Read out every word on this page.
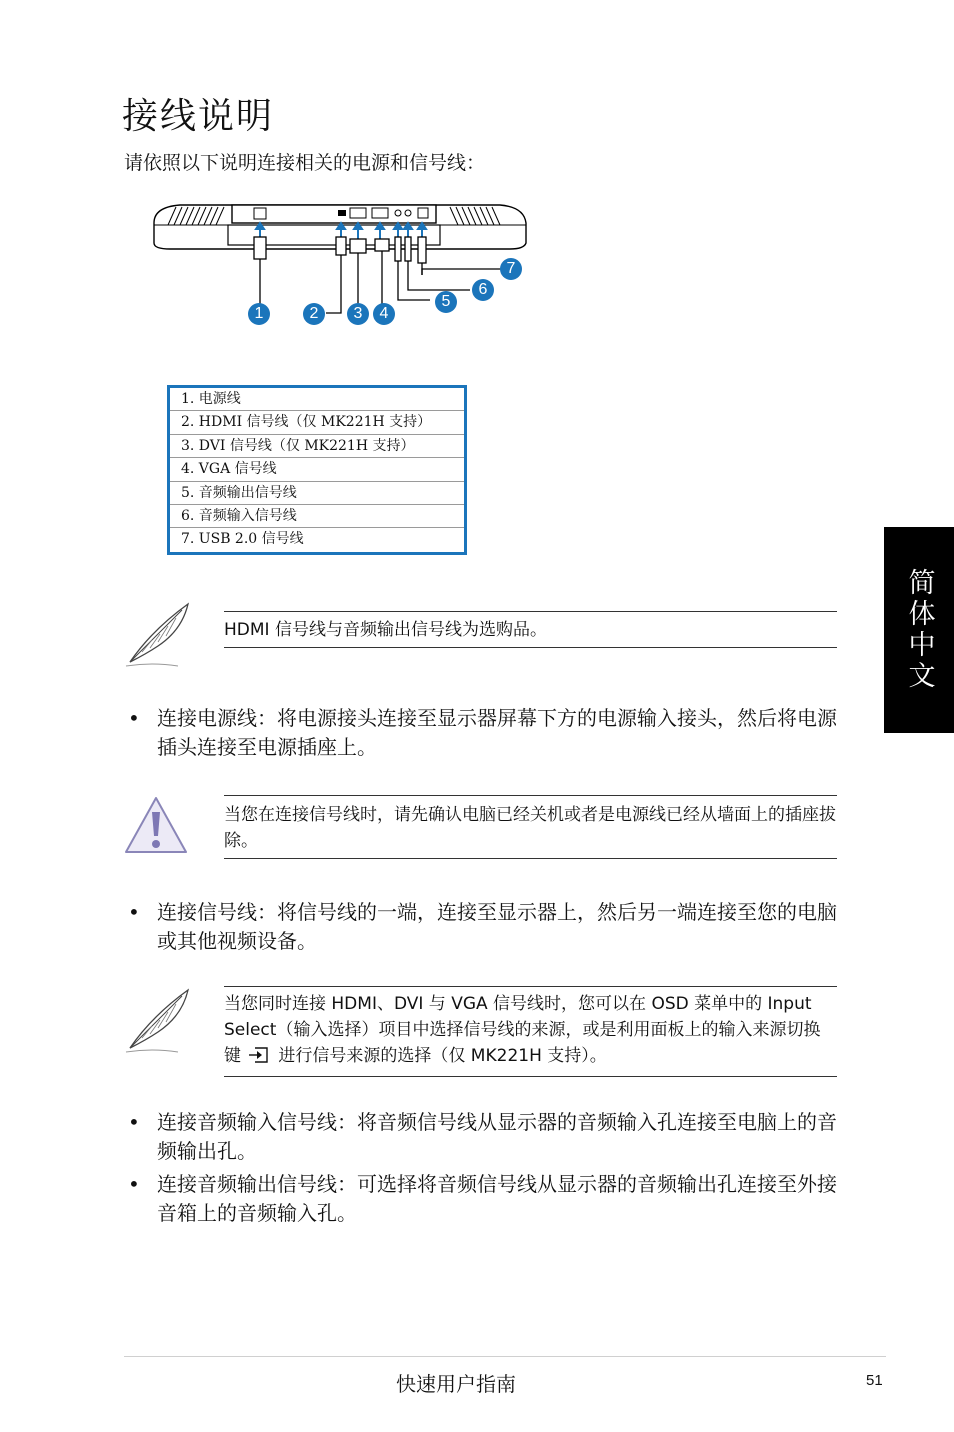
接线说明
请依照以下说明连接相关的电源和信号线：
简体中文
1	2	3	4
5
6
7
1. 电源线
2. HDMI 信号线（仅 MK221H 支持）
3. DVI 信号线（仅 MK221H 支持）
4. VGA 信号线
5. 音频输出信号线
6. 音频输入信号线
7. USB 2.0 信号线
HDMI 信号线与音频输出信号线为选购品。
• 连接电源线：将电源接头连接至显示器屏幕下方的电源输入接头，然后将电源插头连接至电源插座上。
当您在连接信号线时，请先确认电脑已经关机或者是电源线已经从墙面上的插座拔除。
• 连接信号线：将信号线的一端，连接至显示器上，然后另一端连接至您的电脑或其他视频设备。
当您同时连接 HDMI、DVI 与 VGA 信号线时，您可以在 OSD 菜单中的 Input Select（输入选择）项目中选择信号线的来源，或是利用面板上的输入来源切换键 进行信号来源的选择（仅 MK221H 支持）。
• 连接音频输入信号线：将音频信号线从显示器的音频输入孔连接至电脑上的音频输出孔。
• 连接音频输出信号线：可选择将音频信号线从显示器的音频输出孔连接至外接音箱上的音频输入孔。
快速用户指南	51
